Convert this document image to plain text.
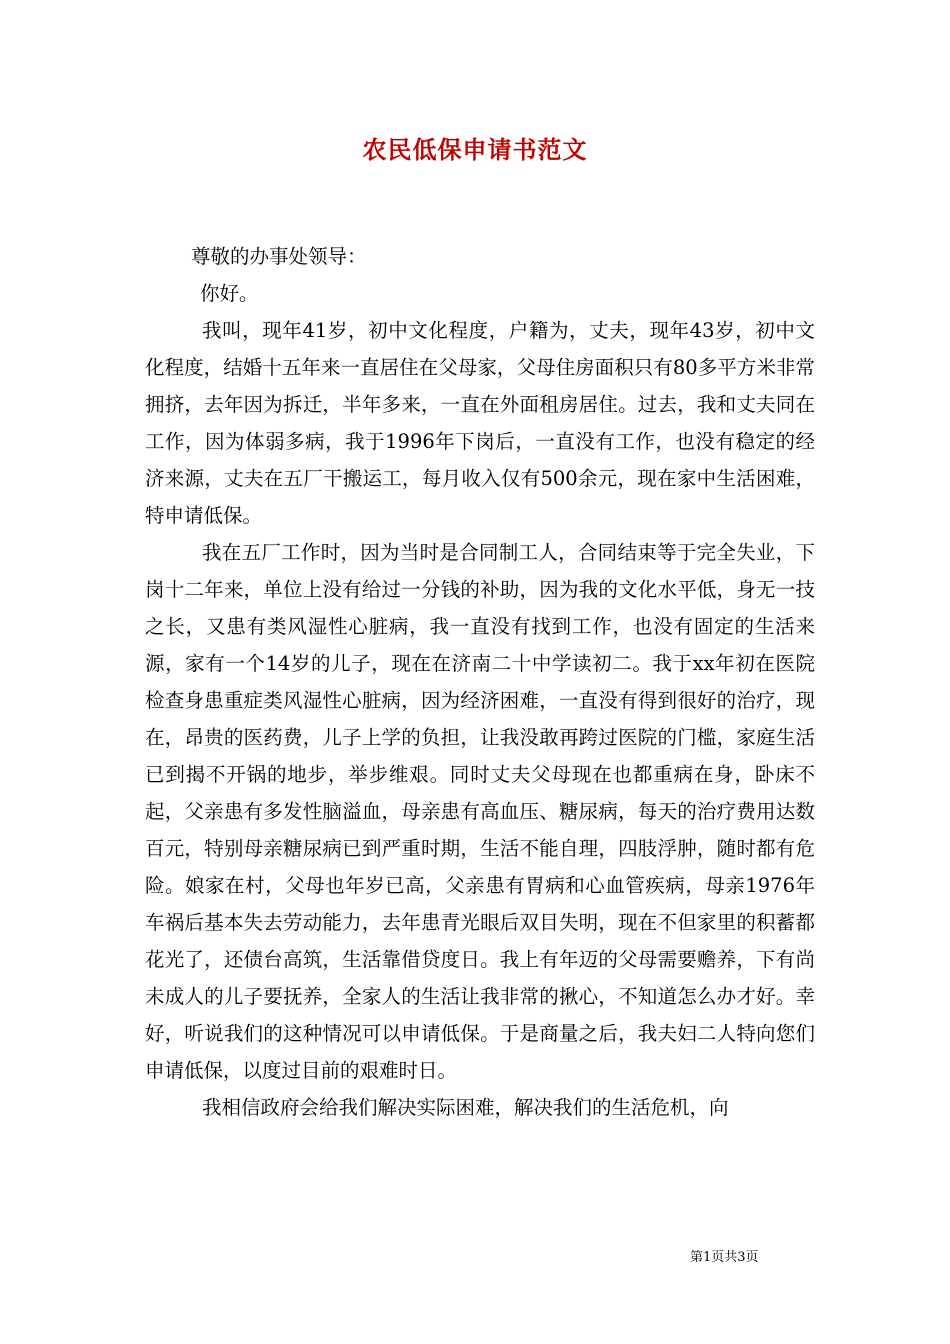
农民低保申请书范文

尊敬的办事处领导：

你好。

我叫，现年41岁，初中文化程度，户籍为，丈夫，现年43岁，初中文化程度，结婚十五年来一直居住在父母家，父母住房面积只有80多平方米非常拥挤，去年因为拆迁，半年多来，一直在外面租房居住。过去，我和丈夫同在工作，因为体弱多病，我于1996年下岗后，一直没有工作，也没有稳定的经济来源，丈夫在五厂干搬运工，每月收入仅有500余元，现在家中生活困难，特申请低保。

我在五厂工作时，因为当时是合同制工人，合同结束等于完全失业，下岗十二年来，单位上没有给过一分钱的补助，因为我的文化水平低，身无一技之长，又患有类风湿性心脏病，我一直没有找到工作，也没有固定的生活来源，家有一个14岁的儿子，现在在济南二十中学读初二。我于xx年初在医院检查身患重症类风湿性心脏病，因为经济困难，一直没有得到很好的治疗，现在，昂贵的医药费，儿子上学的负担，让我没敢再跨过医院的门槛，家庭生活已到揭不开锅的地步，举步维艰。同时丈夫父母现在也都重病在身，卧床不起，父亲患有多发性脑溢血，母亲患有高血压、糖尿病，每天的治疗费用达数百元，特别母亲糖尿病已到严重时期，生活不能自理，四肢浮肿，随时都有危险。娘家在村，父母也年岁已高，父亲患有胃病和心血管疾病，母亲1976年车祸后基本失去劳动能力，去年患青光眼后双目失明，现在不但家里的积蓄都花光了，还债台高筑，生活靠借贷度日。我上有年迈的父母需要赡养，下有尚未成人的儿子要抚养，全家人的生活让我非常的揪心，不知道怎么办才好。幸好，听说我们的这种情况可以申请低保。于是商量之后，我夫妇二人特向您们申请低保，以度过目前的艰难时日。

我相信政府会给我们解决实际困难，解决我们的生活危机，向

第1页共3页
